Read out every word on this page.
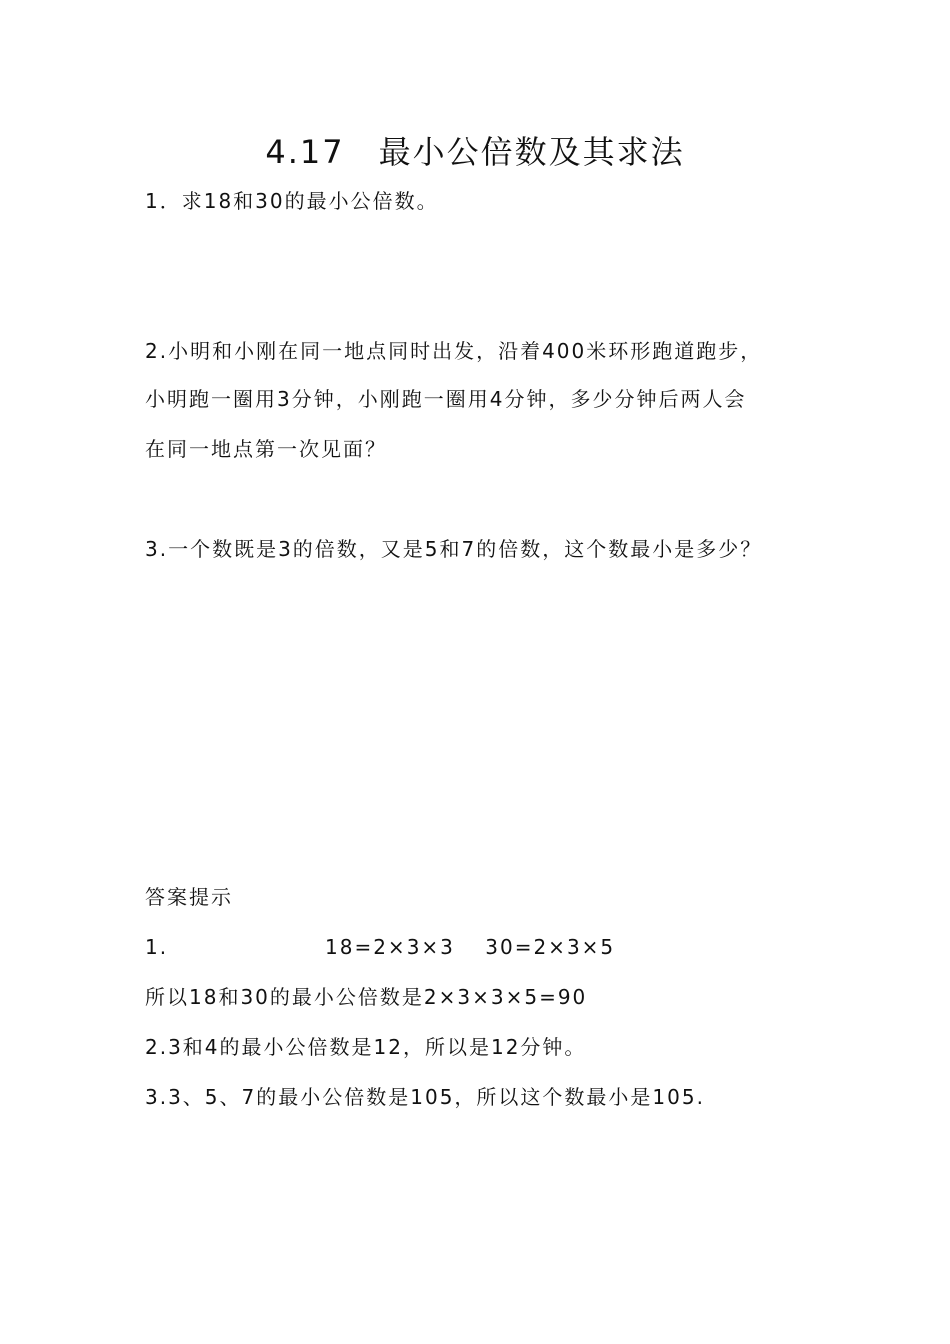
4.17　最小公倍数及其求法
1．求18和30的最小公倍数。
2.小明和小刚在同一地点同时出发，沿着400米环形跑道跑步，
小明跑一圈用3分钟，小刚跑一圈用4分钟，多少分钟后两人会
在同一地点第一次见面？
3.一个数既是3的倍数，又是5和7的倍数，这个数最小是多少？
答案提示
1.	18=2×3×3　 30=2×3×5
所以18和30的最小公倍数是2×3×3×5=90
2.3和4的最小公倍数是12，所以是12分钟。
3.3、5、7的最小公倍数是105，所以这个数最小是105.
